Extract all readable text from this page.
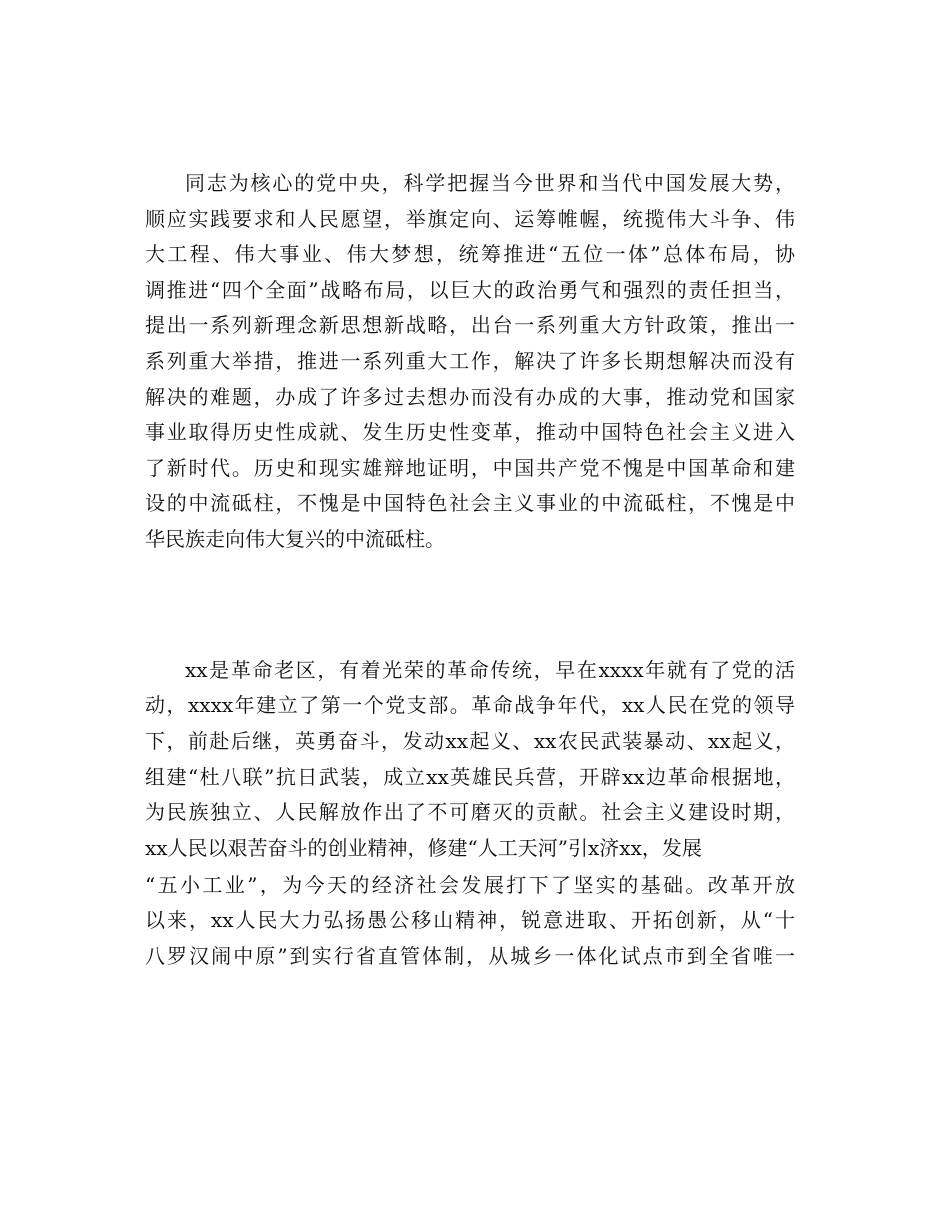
同志为核心的党中央，科学把握当今世界和当代中国发展大势，
顺应实践要求和人民愿望，举旗定向、运筹帷幄，统揽伟大斗争、伟
大工程、伟大事业、伟大梦想，统筹推进“五位一体”总体布局，协
调推进“四个全面”战略布局，以巨大的政治勇气和强烈的责任担当，
提出一系列新理念新思想新战略，出台一系列重大方针政策，推出一
系列重大举措，推进一系列重大工作，解决了许多长期想解决而没有
解决的难题，办成了许多过去想办而没有办成的大事，推动党和国家
事业取得历史性成就、发生历史性变革，推动中国特色社会主义进入
了新时代。历史和现实雄辩地证明，中国共产党不愧是中国革命和建
设的中流砥柱，不愧是中国特色社会主义事业的中流砥柱，不愧是中
华民族走向伟大复兴的中流砥柱。
xx是革命老区，有着光荣的革命传统，早在xxxx年就有了党的活
动，xxxx年建立了第一个党支部。革命战争年代，xx人民在党的领导
下，前赴后继，英勇奋斗，发动xx起义、xx农民武装暴动、xx起义，
组建“杜八联”抗日武装，成立xx英雄民兵营，开辟xx边革命根据地，
为民族独立、人民解放作出了不可磨灭的贡献。社会主义建设时期，
xx人民以艰苦奋斗的创业精神，修建“人工天河”引x济xx，发展
“五小工业”，为今天的经济社会发展打下了坚实的基础。改革开放
以来，xx人民大力弘扬愚公移山精神，锐意进取、开拓创新，从“十
八罗汉闹中原”到实行省直管体制，从城乡一体化试点市到全省唯一
